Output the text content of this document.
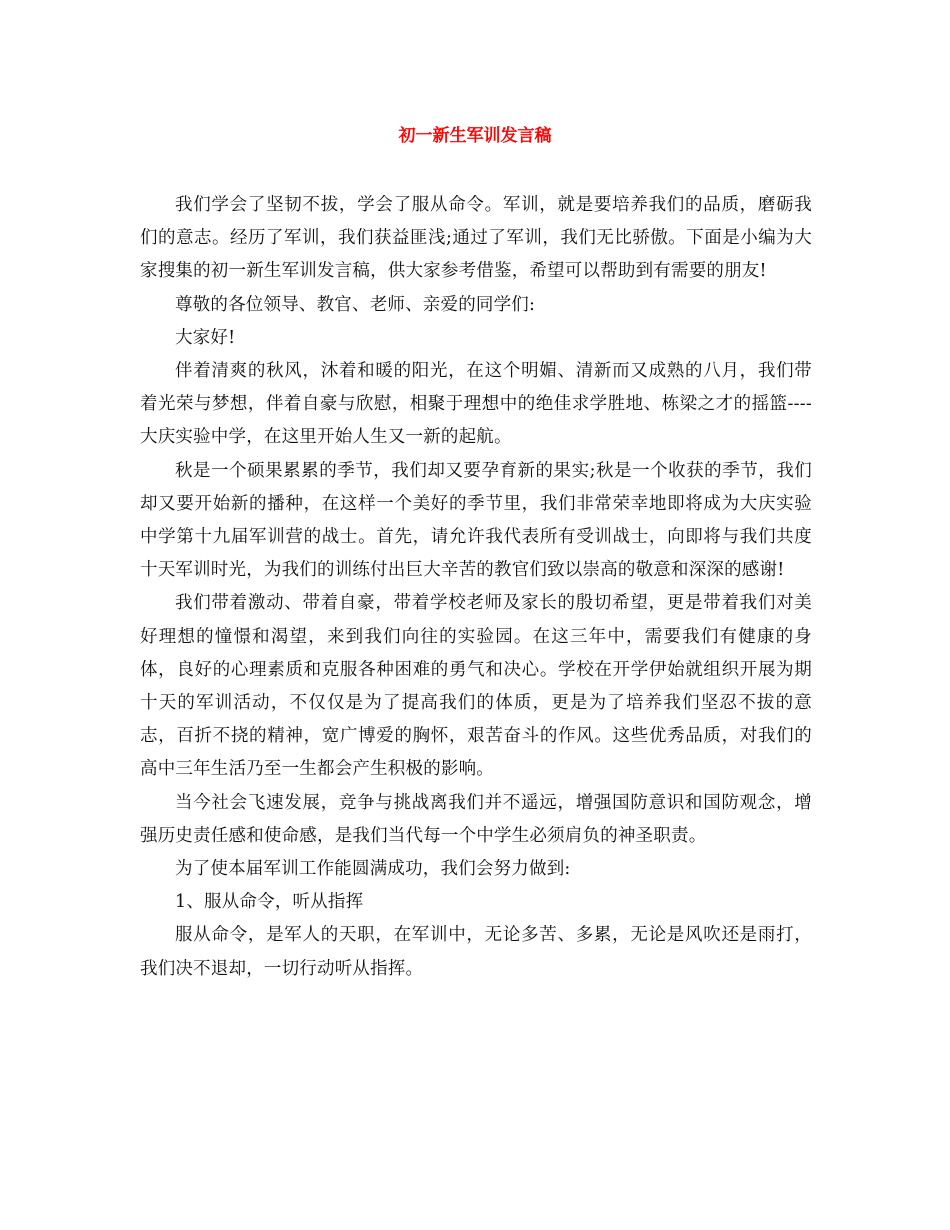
初一新生军训发言稿

我们学会了坚韧不拔，学会了服从命令。军训，就是要培养我们的品质，磨砺我们的意志。经历了军训，我们获益匪浅;通过了军训，我们无比骄傲。下面是小编为大家搜集的初一新生军训发言稿，供大家参考借鉴，希望可以帮助到有需要的朋友!

尊敬的各位领导、教官、老师、亲爱的同学们:

大家好!

伴着清爽的秋风，沐着和暖的阳光，在这个明媚、清新而又成熟的八月，我们带着光荣与梦想，伴着自豪与欣慰，相聚于理想中的绝佳求学胜地、栋梁之才的摇篮----大庆实验中学，在这里开始人生又一新的起航。

秋是一个硕果累累的季节，我们却又要孕育新的果实;秋是一个收获的季节，我们却又要开始新的播种，在这样一个美好的季节里，我们非常荣幸地即将成为大庆实验中学第十九届军训营的战士。首先，请允许我代表所有受训战士，向即将与我们共度十天军训时光，为我们的训练付出巨大辛苦的教官们致以崇高的敬意和深深的感谢!

我们带着激动、带着自豪，带着学校老师及家长的殷切希望，更是带着我们对美好理想的憧憬和渴望，来到我们向往的实验园。在这三年中，需要我们有健康的身体，良好的心理素质和克服各种困难的勇气和决心。学校在开学伊始就组织开展为期十天的军训活动，不仅仅是为了提高我们的体质，更是为了培养我们坚忍不拔的意志，百折不挠的精神，宽广博爱的胸怀，艰苦奋斗的作风。这些优秀品质，对我们的高中三年生活乃至一生都会产生积极的影响。

当今社会飞速发展，竞争与挑战离我们并不遥远，增强国防意识和国防观念，增强历史责任感和使命感，是我们当代每一个中学生必须肩负的神圣职责。

为了使本届军训工作能圆满成功，我们会努力做到:

1、服从命令，听从指挥

服从命令，是军人的天职，在军训中，无论多苦、多累，无论是风吹还是雨打，我们决不退却，一切行动听从指挥。
